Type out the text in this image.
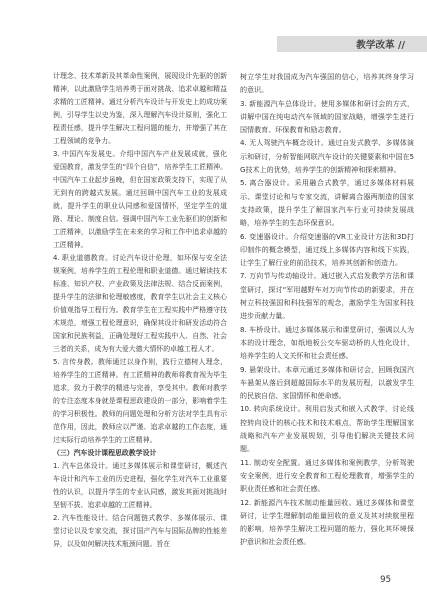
教学改革 //

计理念、技术革新及其革命性案例，展现设计先驱的创新精神，以此激励学生培养勇于面对挑战、追求卓越和精益求精的工匠精神。通过分析汽车设计与开发史上的成功案例，引导学生以史为鉴，深入理解汽车设计原则，强化工程责任感，提升学生解决工程问题的能力，并增强了其在工程领域的竞争力。

3. 中国汽车发展史。介绍中国汽车产业发展成就，强化爱国教育，激发学生的“四个自信”，培养学生工匠精神。中国汽车工业起步虽晚，但在国家政策支持下，实现了从无到有的跨越式发展。通过回顾中国汽车工业的发展成就，提升学生的职业认同感和爱国情怀，坚定学生的道路、理论、制度自信。强调中国汽车工业先驱们的创新和工匠精神，以激励学生在未来的学习和工作中追求卓越的工匠精神。

4. 职业道德教育。讨论汽车设计伦理，如环保与安全法规案例，培养学生的工程伦理和职业道德。通过解读技术标准、知识产权、产业政策及法律法规、结合反面案例，提升学生的法律和伦理敏感度，教育学生以社会主义核心价值观指导工程行为。教育学生在工程实践中严格遵守技术规范，增强工程伦理意识，确保其设计和研发活动符合国家和民族利益，正确处理好工程实践中人、自然、社会三者的关系，成为有大爱大德大情怀的卓越工程人才。

5. 言传身教。教师通过以身作则，践行立德树人理念，培养学生的工匠精神。有工匠精神的教师将教育视为毕生追求，致力于教学的精进与完善，享受其中。教师对教学的专注态度本身就是课程思政建设的一部分，影响着学生的学习积极性。教师的问题处理和分析方法对学生具有示范作用，因此，教师应以严谨、追求卓越的工作态度，通过实际行动培养学生的工匠精神。

（三）汽车设计课程思政教学设计

1. 汽车总体设计。通过多媒体展示和课堂研讨，概述汽车设计和汽车工业的历史进程，强化学生对汽车工业重要性的认识，以提升学生的专业认同感，激发其面对挑战时坚韧不拔、追求卓越的工匠精神。

2. 汽车性能设计。结合问题链式教学、多媒体展示、课堂讨论以及专家交流，探讨国产汽车与国际品牌的性能差异，以及如何解决技术瓶颈问题。旨在

树立学生对我国成为汽车强国的信心，培养其终身学习的意识。

3. 新能源汽车总体设计。使用多媒体和研讨会的方式，讲解中国在纯电动汽车领域的国家战略，增强学生进行国情教育、环保教育和励志教育。

4. 无人驾驶汽车概念设计。通过自发式教学、多媒体演示和研讨，分析智能网联汽车设计的关键要素和中国在5G技术上的优势，培养学生的创新精神和探索精神。

5. 离合器设计。采用融合式教学，通过多媒体材料展示、课堂讨论和与专家交流，讲解离合器两制造的国家支持政策，提升学生了解国家汽车行业可持续发展战略，培养学生的生态环保意识。

6. 变速器设计。介绍变速器的VR工业设计方法和3D打印制作的概念模型，通过线上多媒体内容和线下实践，让学生了解行业的前沿技术，培养其创新和创造力。

7. 万向节与传动轴设计。通过嵌入式启发教学方法和课堂研讨，探讨“军用越野车对万向节传动的新要求，并在树立科技强国和科技强军的观念，激励学生为国家科技进步贡献力量。

8. 车桥设计。通过多媒体展示和课堂研讨，强调以人为本的设计理念，如纸地板公交车驱动桥的人性化设计，培养学生的人文关怀和社会责任感。

9. 悬架设计。本章元通过多媒体和研讨会，回顾我国汽车悬架从落后到超越国际水平的发展历程，以激发学生的民族自信、家国情怀和使命感。

10. 转向系统设计。利用启发式和嵌入式教学，讨论线控转向设计的核心技术和技术难点，帮助学生理解国家战略和汽车产业发展规划，引导他们解决关键技术问题。

11. 制动安全配置。通过多媒体和案例教学，分析驾驶安全案例，进行安全教育和工程伦理教育，增强学生的职业责任感和社会责任感。

12. 新能源汽车技术制动能量回收。通过多媒体和课堂研讨，让学生理解制动能量回收的意义及其对续航里程的影响，培养学生解决工程问题的能力，强化其环境保护意识和社会责任感。

95
